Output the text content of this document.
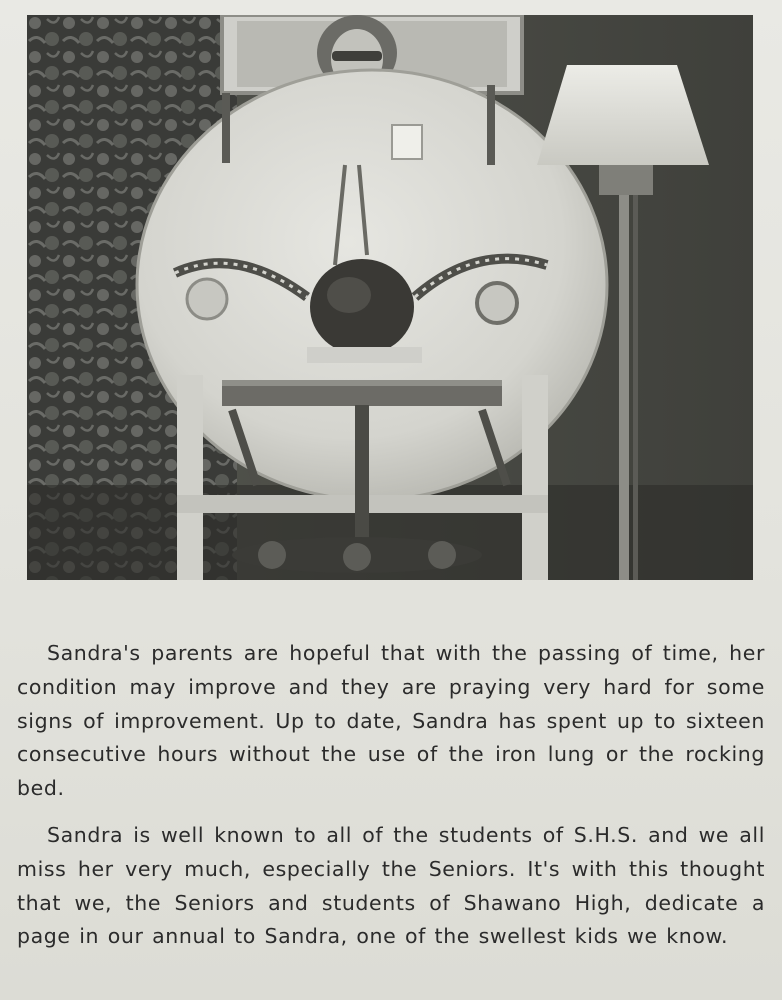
Sandra's parents are hopeful that with the passing of time, her condition may improve and they are praying very hard for some signs of improvement. Up to date, Sandra has spent up to sixteen consecutive hours without the use of the iron lung or the rocking bed.

Sandra is well known to all of the students of S.H.S. and we all miss her very much, especially the Seniors. It's with this thought that we, the Seniors and students of Shawano High, dedicate a page in our annual to Sandra, one of the swellest kids we know.
